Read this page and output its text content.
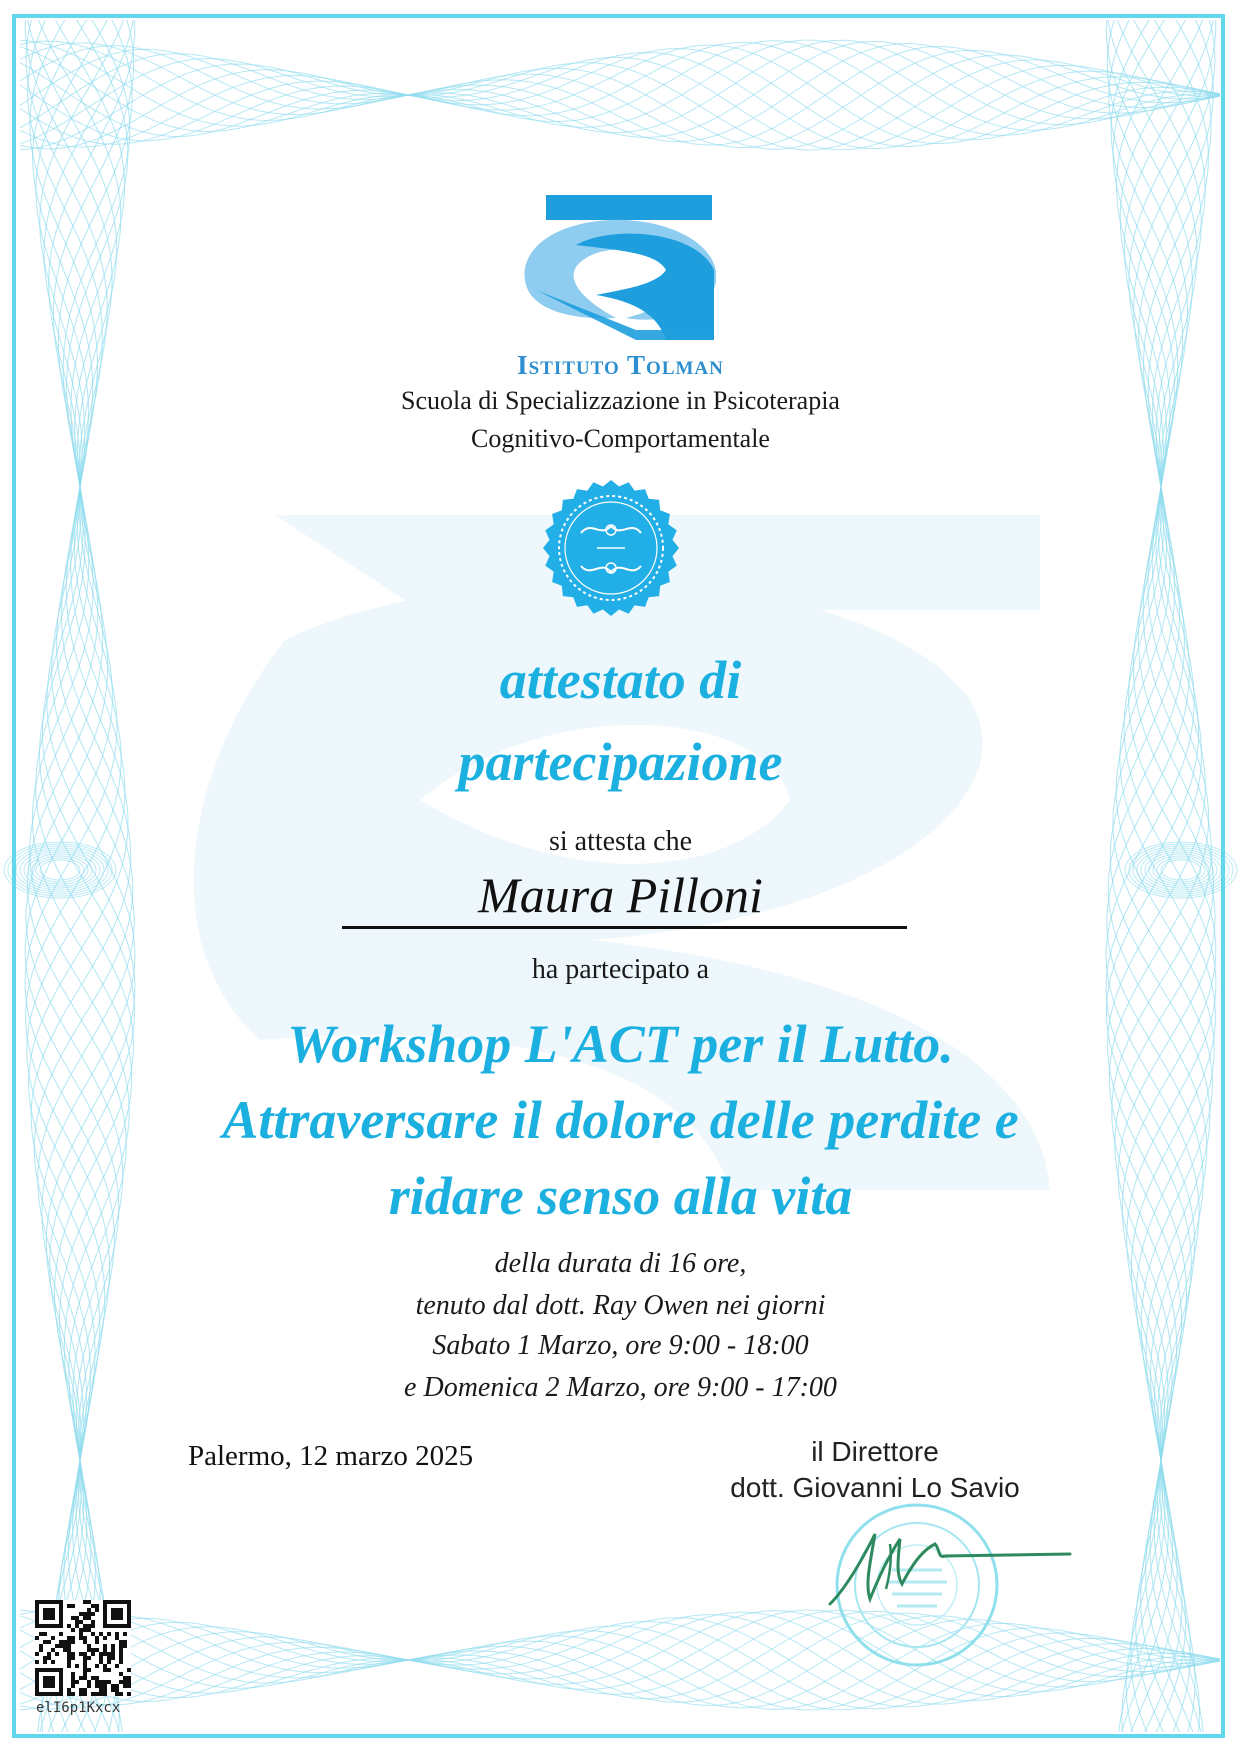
Istituto Tolman
Scuola di Specializzazione in Psicoterapia
Cognitivo-Comportamentale
attestato di
partecipazione
si attesta che
Maura Pilloni
ha partecipato a
Workshop L'ACT per il Lutto.
Attraversare il dolore delle perdite e
ridare senso alla vita
della durata di 16 ore,
tenuto dal dott. Ray Owen nei giorni
Sabato 1 Marzo, ore 9:00 - 18:00
e Domenica 2 Marzo, ore 9:00 - 17:00
Palermo, 12 marzo 2025	il Direttore
dott. Giovanni Lo Savio
elI6p1Kxcx
